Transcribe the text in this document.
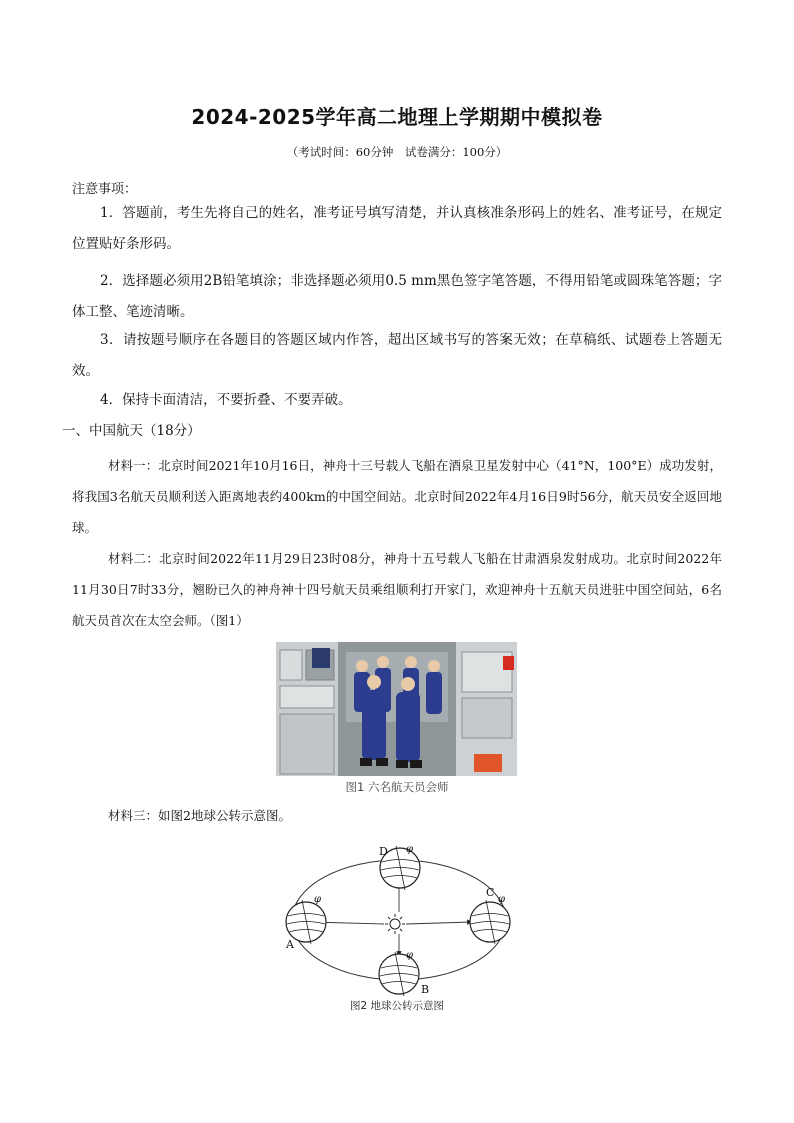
2024-2025学年高二地理上学期期中模拟卷
（考试时间：60分钟　试卷满分：100分）
注意事项：
1．答题前，考生先将自己的姓名，准考证号填写清楚，并认真核准条形码上的姓名、准考证号，在规定位置贴好条形码。
2．选择题必须用2B铅笔填涂；非选择题必须用0.5 mm黑色签字笔答题，不得用铅笔或圆珠笔答题；字体工整、笔迹清晰。
3．请按题号顺序在各题目的答题区域内作答，超出区域书写的答案无效；在草稿纸、试题卷上答题无效。
4．保持卡面清洁，不要折叠、不要弄破。
一、中国航天（18分）
材料一：北京时间2021年10月16日，神舟十三号载人飞船在酒泉卫星发射中心（41°N，100°E）成功发射，将我国3名航天员顺利送入距离地表约400km的中国空间站。北京时间2022年4月16日9时56分，航天员安全返回地球。
材料二：北京时间2022年11月29日23时08分，神舟十五号载人飞船在甘肃酒泉发射成功。北京时间2022年11月30日7时33分，翘盼已久的神舟神十四号航天员乘组顺利打开家门，欢迎神舟十五航天员进驻中国空间站，6名航天员首次在太空会师。（图1）
图1 六名航天员会师
材料三：如图2地球公转示意图。
A
B
C
D
φ	φ
φ
φ
图2 地球公转示意图
